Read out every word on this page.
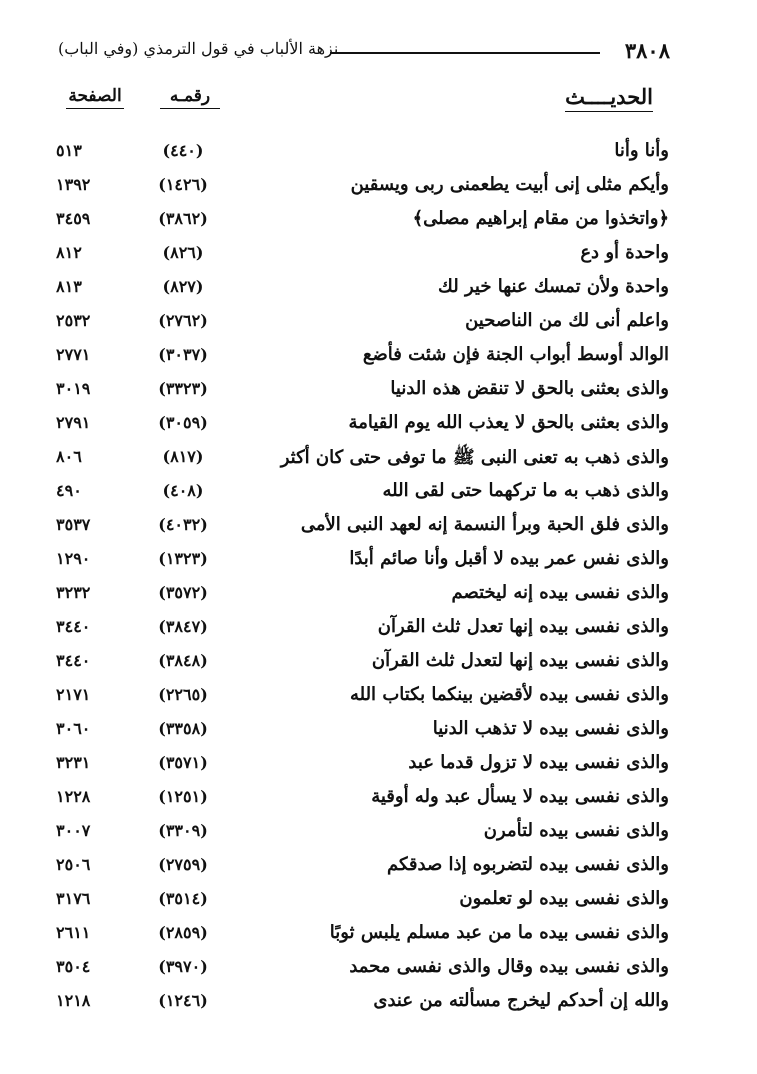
٣٨٠٨
نزهة الألباب في قول الترمذي (وفي الباب)
الحديــــث
رقمـه
الصفحة
وأنا وأنا
(٤٤٠)
٥١٣
وأيكم مثلى إنى أبيت يطعمنى ربى ويسقين
(١٤٢٦)
١٣٩٢
﴿واتخذوا من مقام إبراهيم مصلى﴾
(٣٨٦٢)
٣٤٥٩
واحدة أو دع
(٨٢٦)
٨١٢
واحدة ولأن تمسك عنها خير لك
(٨٢٧)
٨١٣
واعلم أنى لك من الناصحين
(٢٧٦٢)
٢٥٣٢
الوالد أوسط أبواب الجنة فإن شئت فأضع
(٣٠٣٧)
٢٧٧١
والذى بعثنى بالحق لا تنقض هذه الدنيا
(٣٣٢٣)
٣٠١٩
والذى بعثنى بالحق لا يعذب الله يوم القيامة
(٣٠٥٩)
٢٧٩١
والذى ذهب به تعنى النبى ﷺ ما توفى حتى كان أكثر
(٨١٧)
٨٠٦
والذى ذهب به ما تركهما حتى لقى الله
(٤٠٨)
٤٩٠
والذى فلق الحبة وبرأ النسمة إنه لعهد النبى الأمى
(٤٠٣٢)
٣٥٣٧
والذى نفس عمر بيده لا أقبل وأنا صائم أبدًا
(١٣٢٣)
١٢٩٠
والذى نفسى بيده إنه ليختصم
(٣٥٧٢)
٣٢٣٢
والذى نفسى بيده إنها تعدل ثلث القرآن
(٣٨٤٧)
٣٤٤٠
والذى نفسى بيده إنها لتعدل ثلث القرآن
(٣٨٤٨)
٣٤٤٠
والذى نفسى بيده لأقضين بينكما بكتاب الله
(٢٢٦٥)
٢١٧١
والذى نفسى بيده لا تذهب الدنيا
(٣٣٥٨)
٣٠٦٠
والذى نفسى بيده لا تزول قدما عبد
(٣٥٧١)
٣٢٣١
والذى نفسى بيده لا يسأل عبد وله أوقية
(١٢٥١)
١٢٢٨
والذى نفسى بيده لتأمرن
(٣٣٠٩)
٣٠٠٧
والذى نفسى بيده لتضربوه إذا صدقكم
(٢٧٥٩)
٢٥٠٦
والذى نفسى بيده لو تعلمون
(٣٥١٤)
٣١٧٦
والذى نفسى بيده ما من عبد مسلم يلبس ثوبًا
(٢٨٥٩)
٢٦١١
والذى نفسى بيده وقال والذى نفسى محمد
(٣٩٧٠)
٣٥٠٤
والله إن أحدكم ليخرج مسألته من عندى
(١٢٤٦)
١٢١٨
